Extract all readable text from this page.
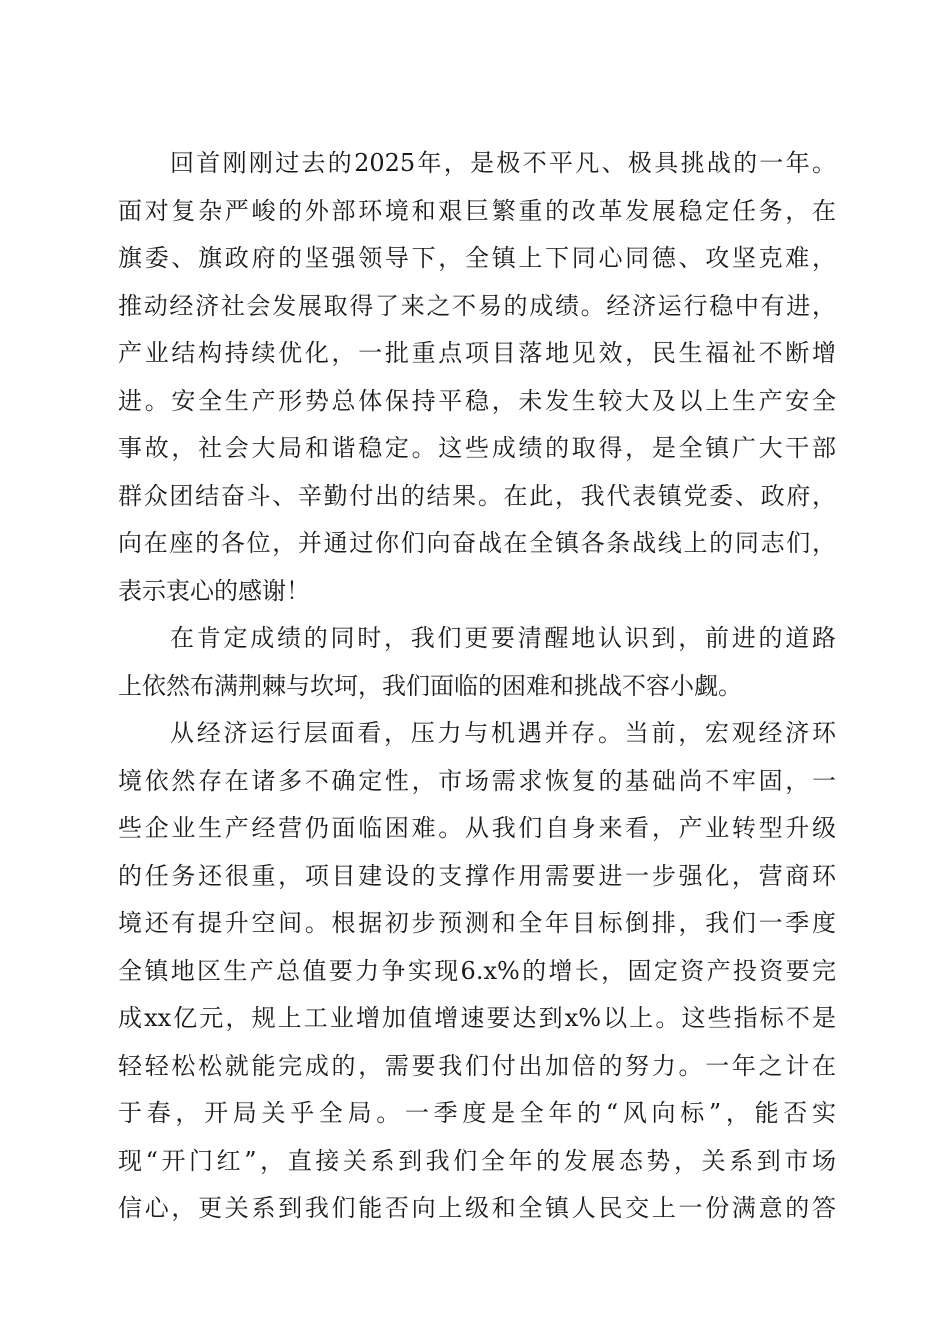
回首刚刚过去的2025年，是极不平凡、极具挑战的一年。
面对复杂严峻的外部环境和艰巨繁重的改革发展稳定任务，在
旗委、旗政府的坚强领导下，全镇上下同心同德、攻坚克难，
推动经济社会发展取得了来之不易的成绩。经济运行稳中有进，
产业结构持续优化，一批重点项目落地见效，民生福祉不断增
进。安全生产形势总体保持平稳，未发生较大及以上生产安全
事故，社会大局和谐稳定。这些成绩的取得，是全镇广大干部
群众团结奋斗、辛勤付出的结果。在此，我代表镇党委、政府，
向在座的各位，并通过你们向奋战在全镇各条战线上的同志们，
表示衷心的感谢！
在肯定成绩的同时，我们更要清醒地认识到，前进的道路
上依然布满荆棘与坎坷，我们面临的困难和挑战不容小觑。
从经济运行层面看，压力与机遇并存。当前，宏观经济环
境依然存在诸多不确定性，市场需求恢复的基础尚不牢固，一
些企业生产经营仍面临困难。从我们自身来看，产业转型升级
的任务还很重，项目建设的支撑作用需要进一步强化，营商环
境还有提升空间。根据初步预测和全年目标倒排，我们一季度
全镇地区生产总值要力争实现6.x%的增长，固定资产投资要完
成xx亿元，规上工业增加值增速要达到x%以上。这些指标不是
轻轻松松就能完成的，需要我们付出加倍的努力。一年之计在
于春，开局关乎全局。一季度是全年的“风向标”，能否实
现“开门红”，直接关系到我们全年的发展态势，关系到市场
信心，更关系到我们能否向上级和全镇人民交上一份满意的答
